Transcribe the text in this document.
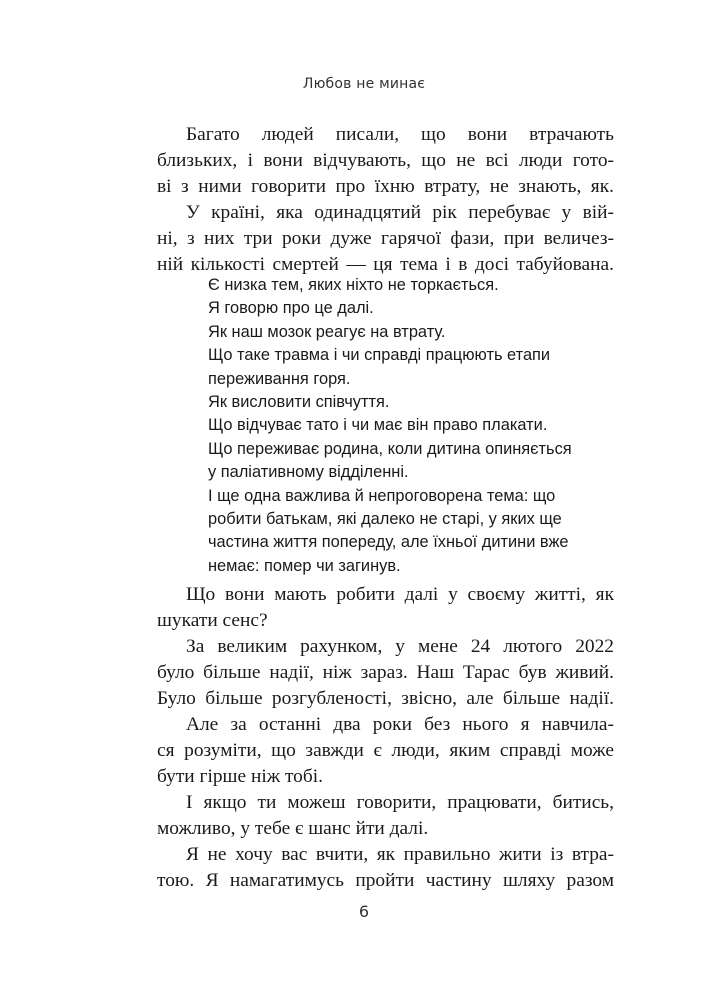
Любов не минає
Багато людей писали, що вони втрачають
близьких, і вони відчувають, що не всі люди гото-
ві з ними говорити про їхню втрату, не знають, як.
У країні, яка одинадцятий рік перебуває у вій-
ні, з них три роки дуже гарячої фази, при величез-
ній кількості смертей — ця тема і в досі табуйована.
Є низка тем, яких ніхто не торкається.
Я говорю про це далі.
Як наш мозок реагує на втрату.
Що таке травма і чи справді працюють етапи
переживання горя.
Як висловити співчуття.
Що відчуває тато і чи має він право плакати.
Що переживає родина, коли дитина опиняється
у паліативному відділенні.
І ще одна важлива й непроговорена тема: що
робити батькам, які далеко не старі, у яких ще
частина життя попереду, але їхньої дитини вже
немає: помер чи загинув.
Що вони мають робити далі у своєму житті, як
шукати сенс?
За великим рахунком, у мене 24 лютого 2022
було більше надії, ніж зараз. Наш Тарас був живий.
Було більше розгубленості, звісно, але більше надії.
Але за останні два роки без нього я навчила-
ся розуміти, що завжди є люди, яким справді може
бути гірше ніж тобі.
І якщо ти можеш говорити, працювати, битись,
можливо, у тебе є шанс йти далі.
Я не хочу вас вчити, як правильно жити із втра-
тою. Я намагатимусь пройти частину шляху разом
6
